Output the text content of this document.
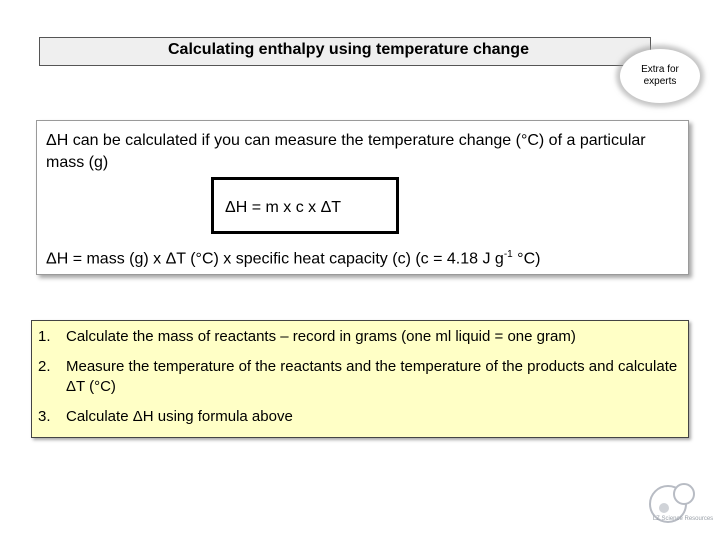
Calculating enthalpy using temperature change
Extra for experts
ΔH can be calculated if you can measure the temperature change (°C) of a particular mass (g)
ΔH = m x c x ΔT
ΔH = mass (g) x ΔT (°C) x specific heat capacity (c) (c = 4.18 J $g^{-1}$ °C)
1.	Calculate the mass of reactants – record in grams (one ml liquid = one gram)
2.	Measure the temperature of the reactants and the temperature of the products and calculate ΔT (°C)
3.	Calculate ΔH using formula above
LZ Science Resources
